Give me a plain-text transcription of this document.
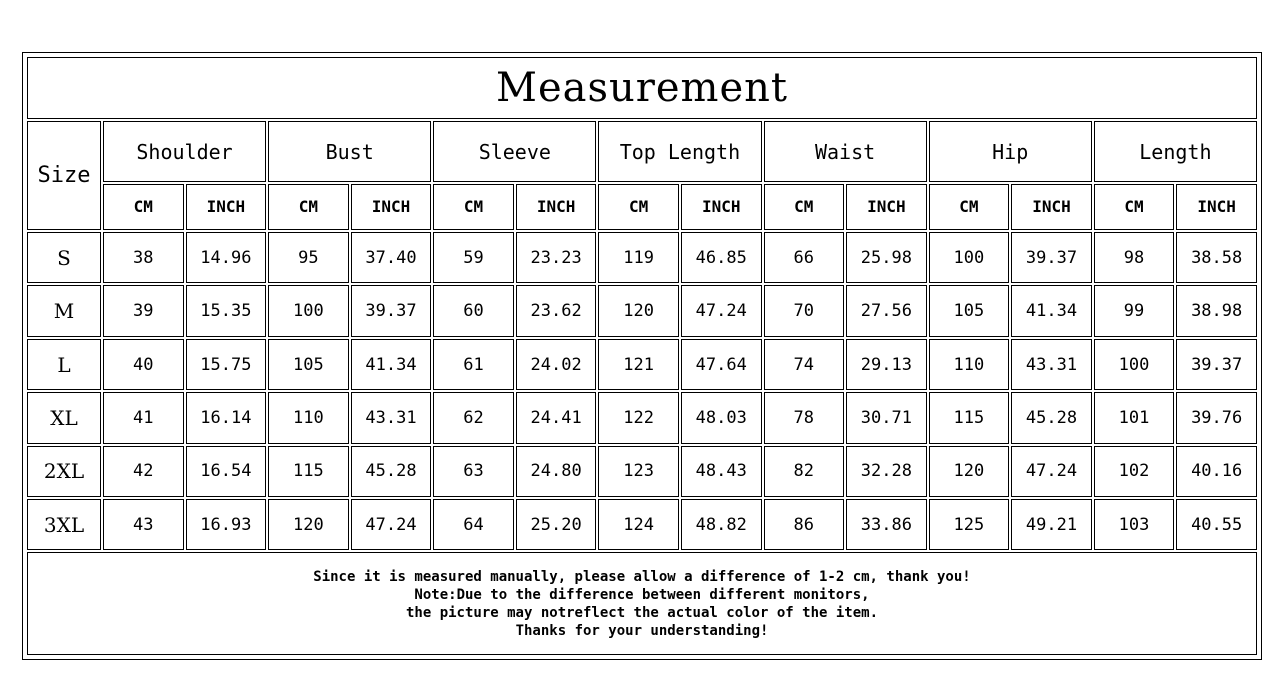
Measurement														
Size	Shoulder		Bust		Sleeve		Top Length		Waist		Hip		Length	
	CM	INCH	CM	INCH	CM	INCH	CM	INCH	CM	INCH	CM	INCH	CM	INCH
S	38	14.96	95	37.40	59	23.23	119	46.85	66	25.98	100	39.37	98	38.58
M	39	15.35	100	39.37	60	23.62	120	47.24	70	27.56	105	41.34	99	38.98
L	40	15.75	105	41.34	61	24.02	121	47.64	74	29.13	110	43.31	100	39.37
XL	41	16.14	110	43.31	62	24.41	122	48.03	78	30.71	115	45.28	101	39.76
2XL	42	16.54	115	45.28	63	24.80	123	48.43	82	32.28	120	47.24	102	40.16
3XL	43	16.93	120	47.24	64	25.20	124	48.82	86	33.86	125	49.21	103	40.55

Since it is measured manually, please allow a difference of 1-2 cm, thank you!
Note:Due to the difference between different monitors,
the picture may notreflect the actual color of the item.
Thanks for your understanding!														
